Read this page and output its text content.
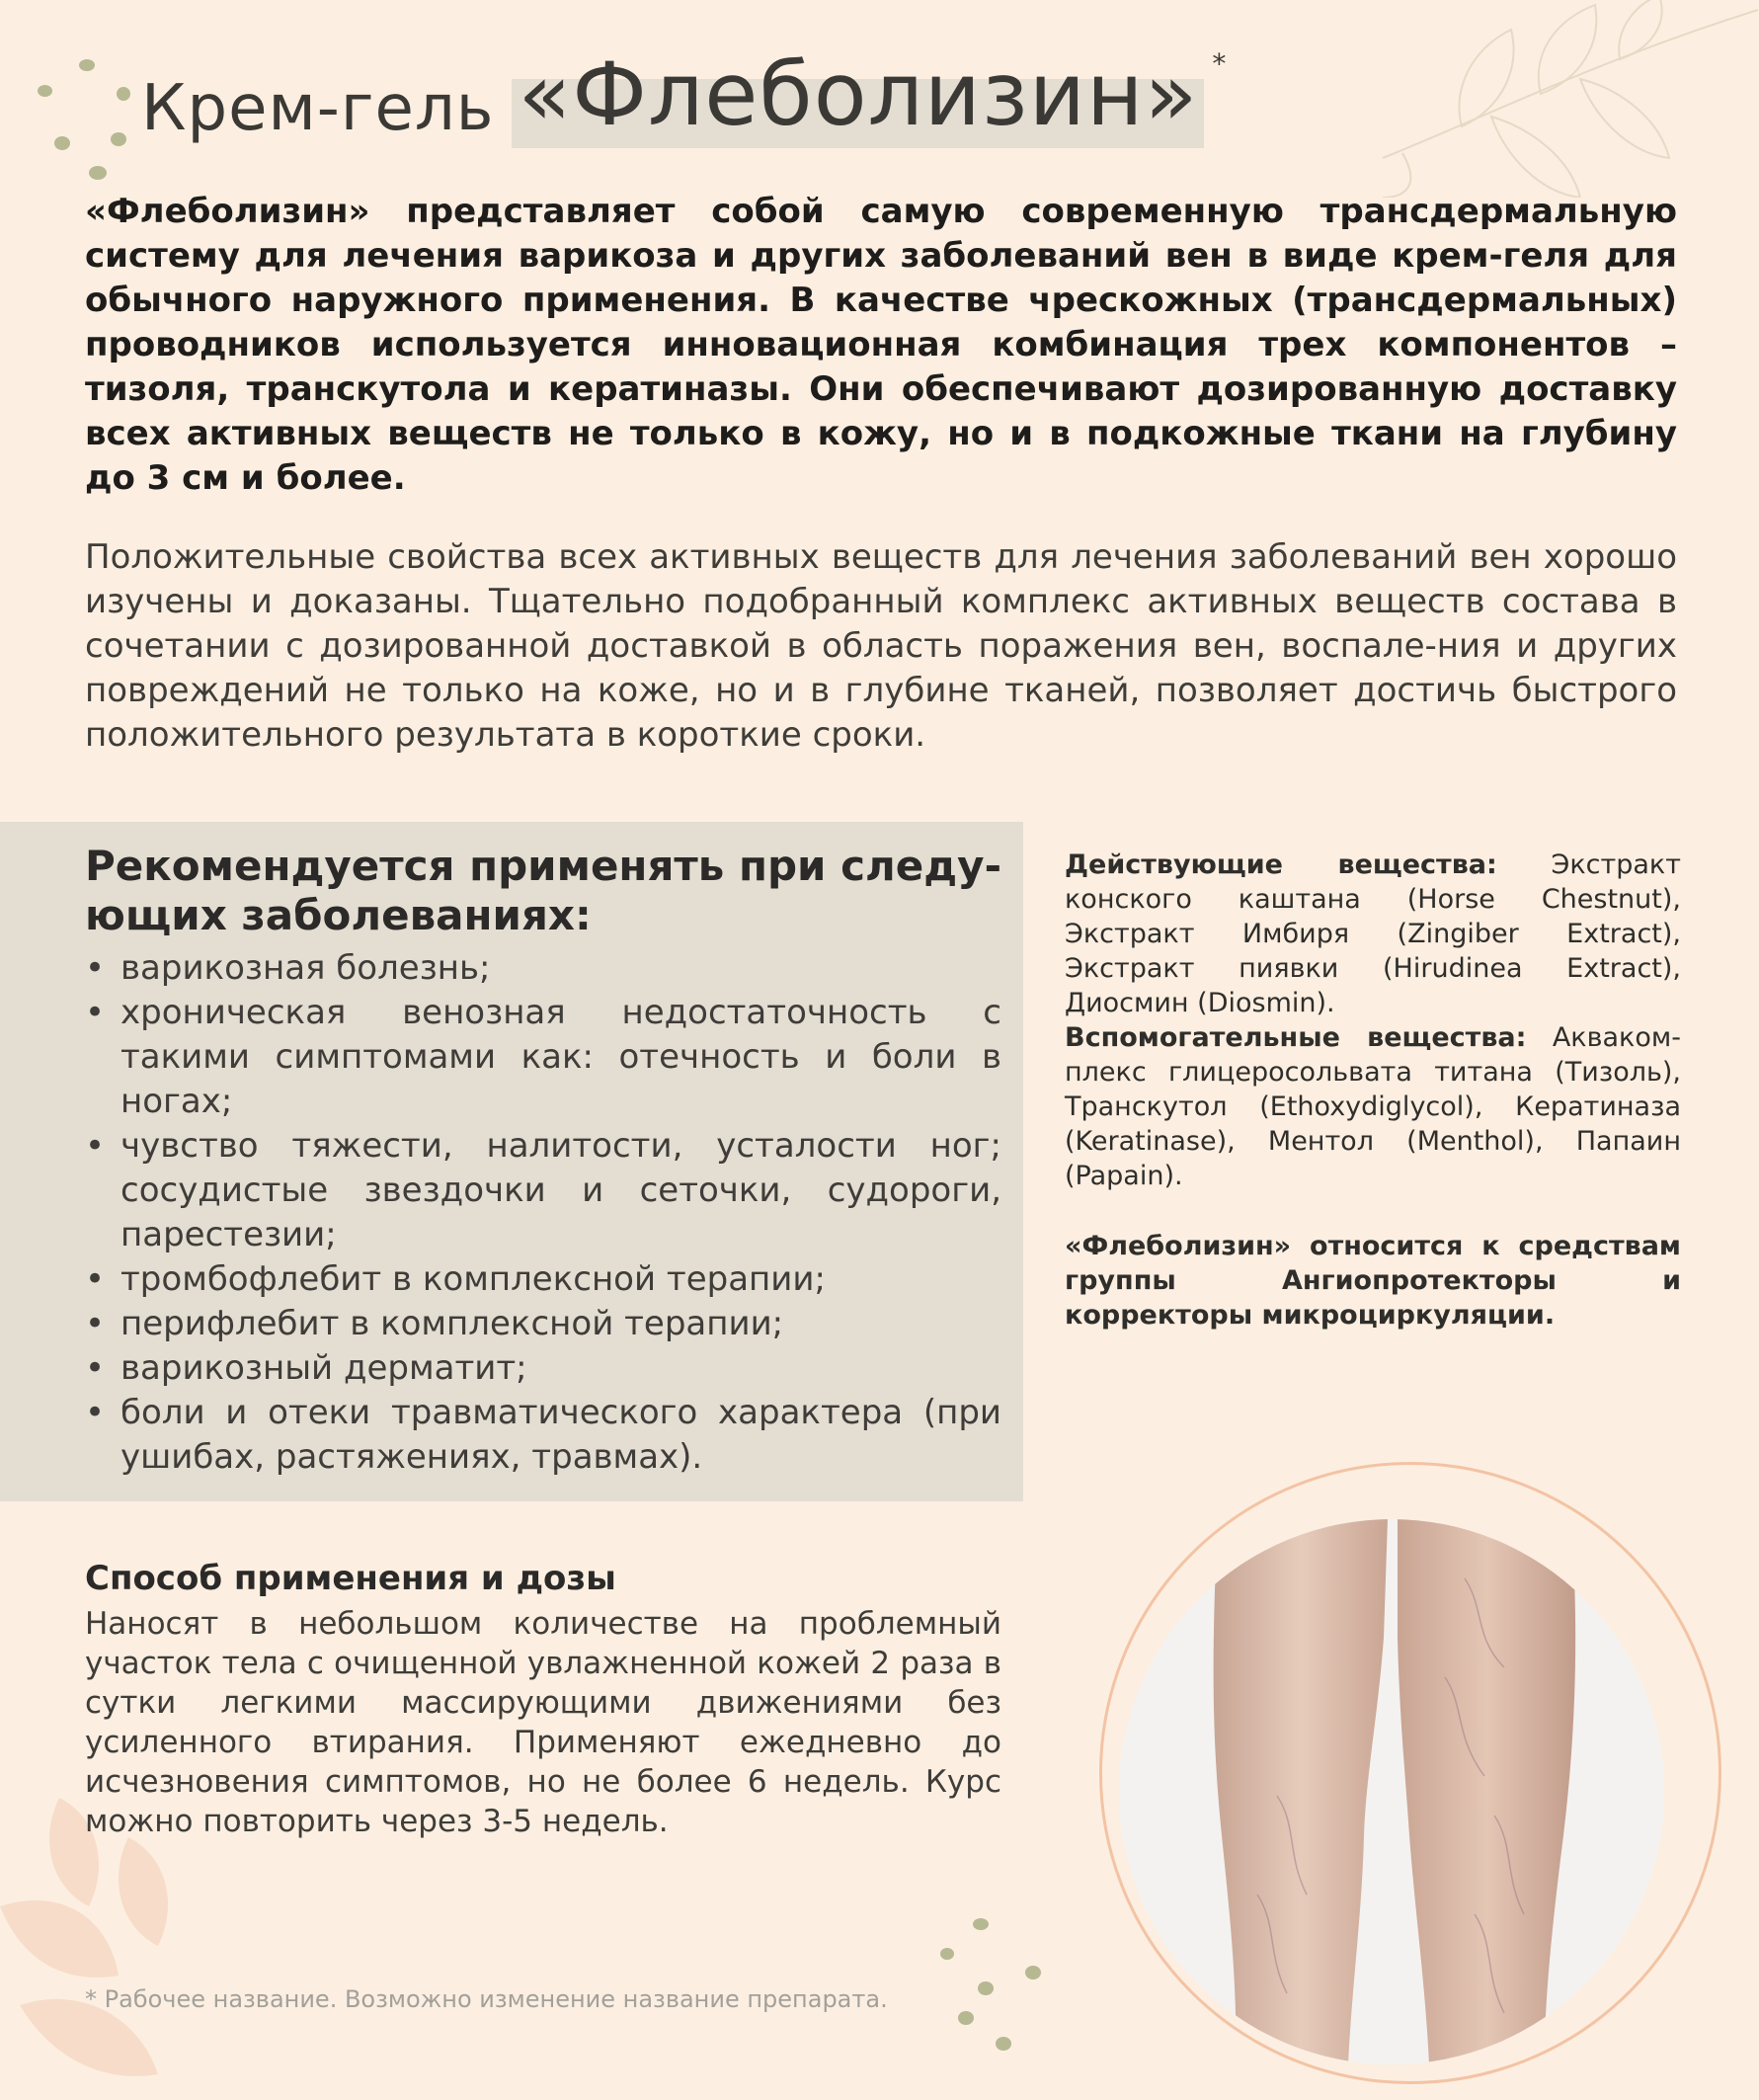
Крем-гель «Флеболизин» *
«Флеболизин» представляет собой самую современную трансдермальную систему для лечения варикоза и других заболеваний вен в виде крем-геля для обычного наружного применения. В качестве чрескожных (трансдермальных) проводников используется инновационная комбинация трех компонентов – тизоля, транскутола и кератиназы. Они обеспечивают дозированную доставку всех активных веществ не только в кожу, но и в подкожные ткани на глубину до 3 см и более.
Положительные свойства всех активных веществ для лечения заболеваний вен хорошо изучены и доказаны. Тщательно подобранный комплекс активных веществ состава в сочетании с дозированной доставкой в область поражения вен, воспале-ния и других повреждений не только на коже, но и в глубине тканей, позволяет достичь быстрого положительного результата в короткие сроки.
Рекомендуется применять при следу-ющих заболеваниях:
• варикозная болезнь;
• хроническая венозная недостаточность с такими симптомами как: отечность и боли в ногах;
• чувство тяжести, налитости, усталости ног; сосудистые звездочки и сеточки, судороги, парестезии;
• тромбофлебит в комплексной терапии;
• перифлебит в комплексной терапии;
• варикозный дерматит;
• боли и отеки травматического характера (при ушибах, растяжениях, травмах).

Действующие вещества: Экстракт конского каштана (Horse Chestnut), Экстракт Имбиря (Zingiber Extract), Экстракт пиявки (Hirudinea Extract), Диосмин (Diosmin).

Вспомогательные вещества: Аквaком-плекс глицеросольвата титана (Тизоль), Транскутол (Ethoxydiglycol), Кератиназа (Keratinase), Ментол (Menthol), Папаин (Papain).

«Флеболизин» относится к средствам группы Ангиопротекторы и корректоры микроциркуляции.

Способ применения и дозы
Наносят в небольшом количестве на проблемный участок тела с очищенной увлажненной кожей 2 раза в сутки легкими массирующими движениями без усиленного втирания. Применяют ежедневно до исчезновения симптомов, но не более 6 недель. Курс можно повторить через 3-5 недель.
* Рабочее название. Возможно изменение название препарата.
